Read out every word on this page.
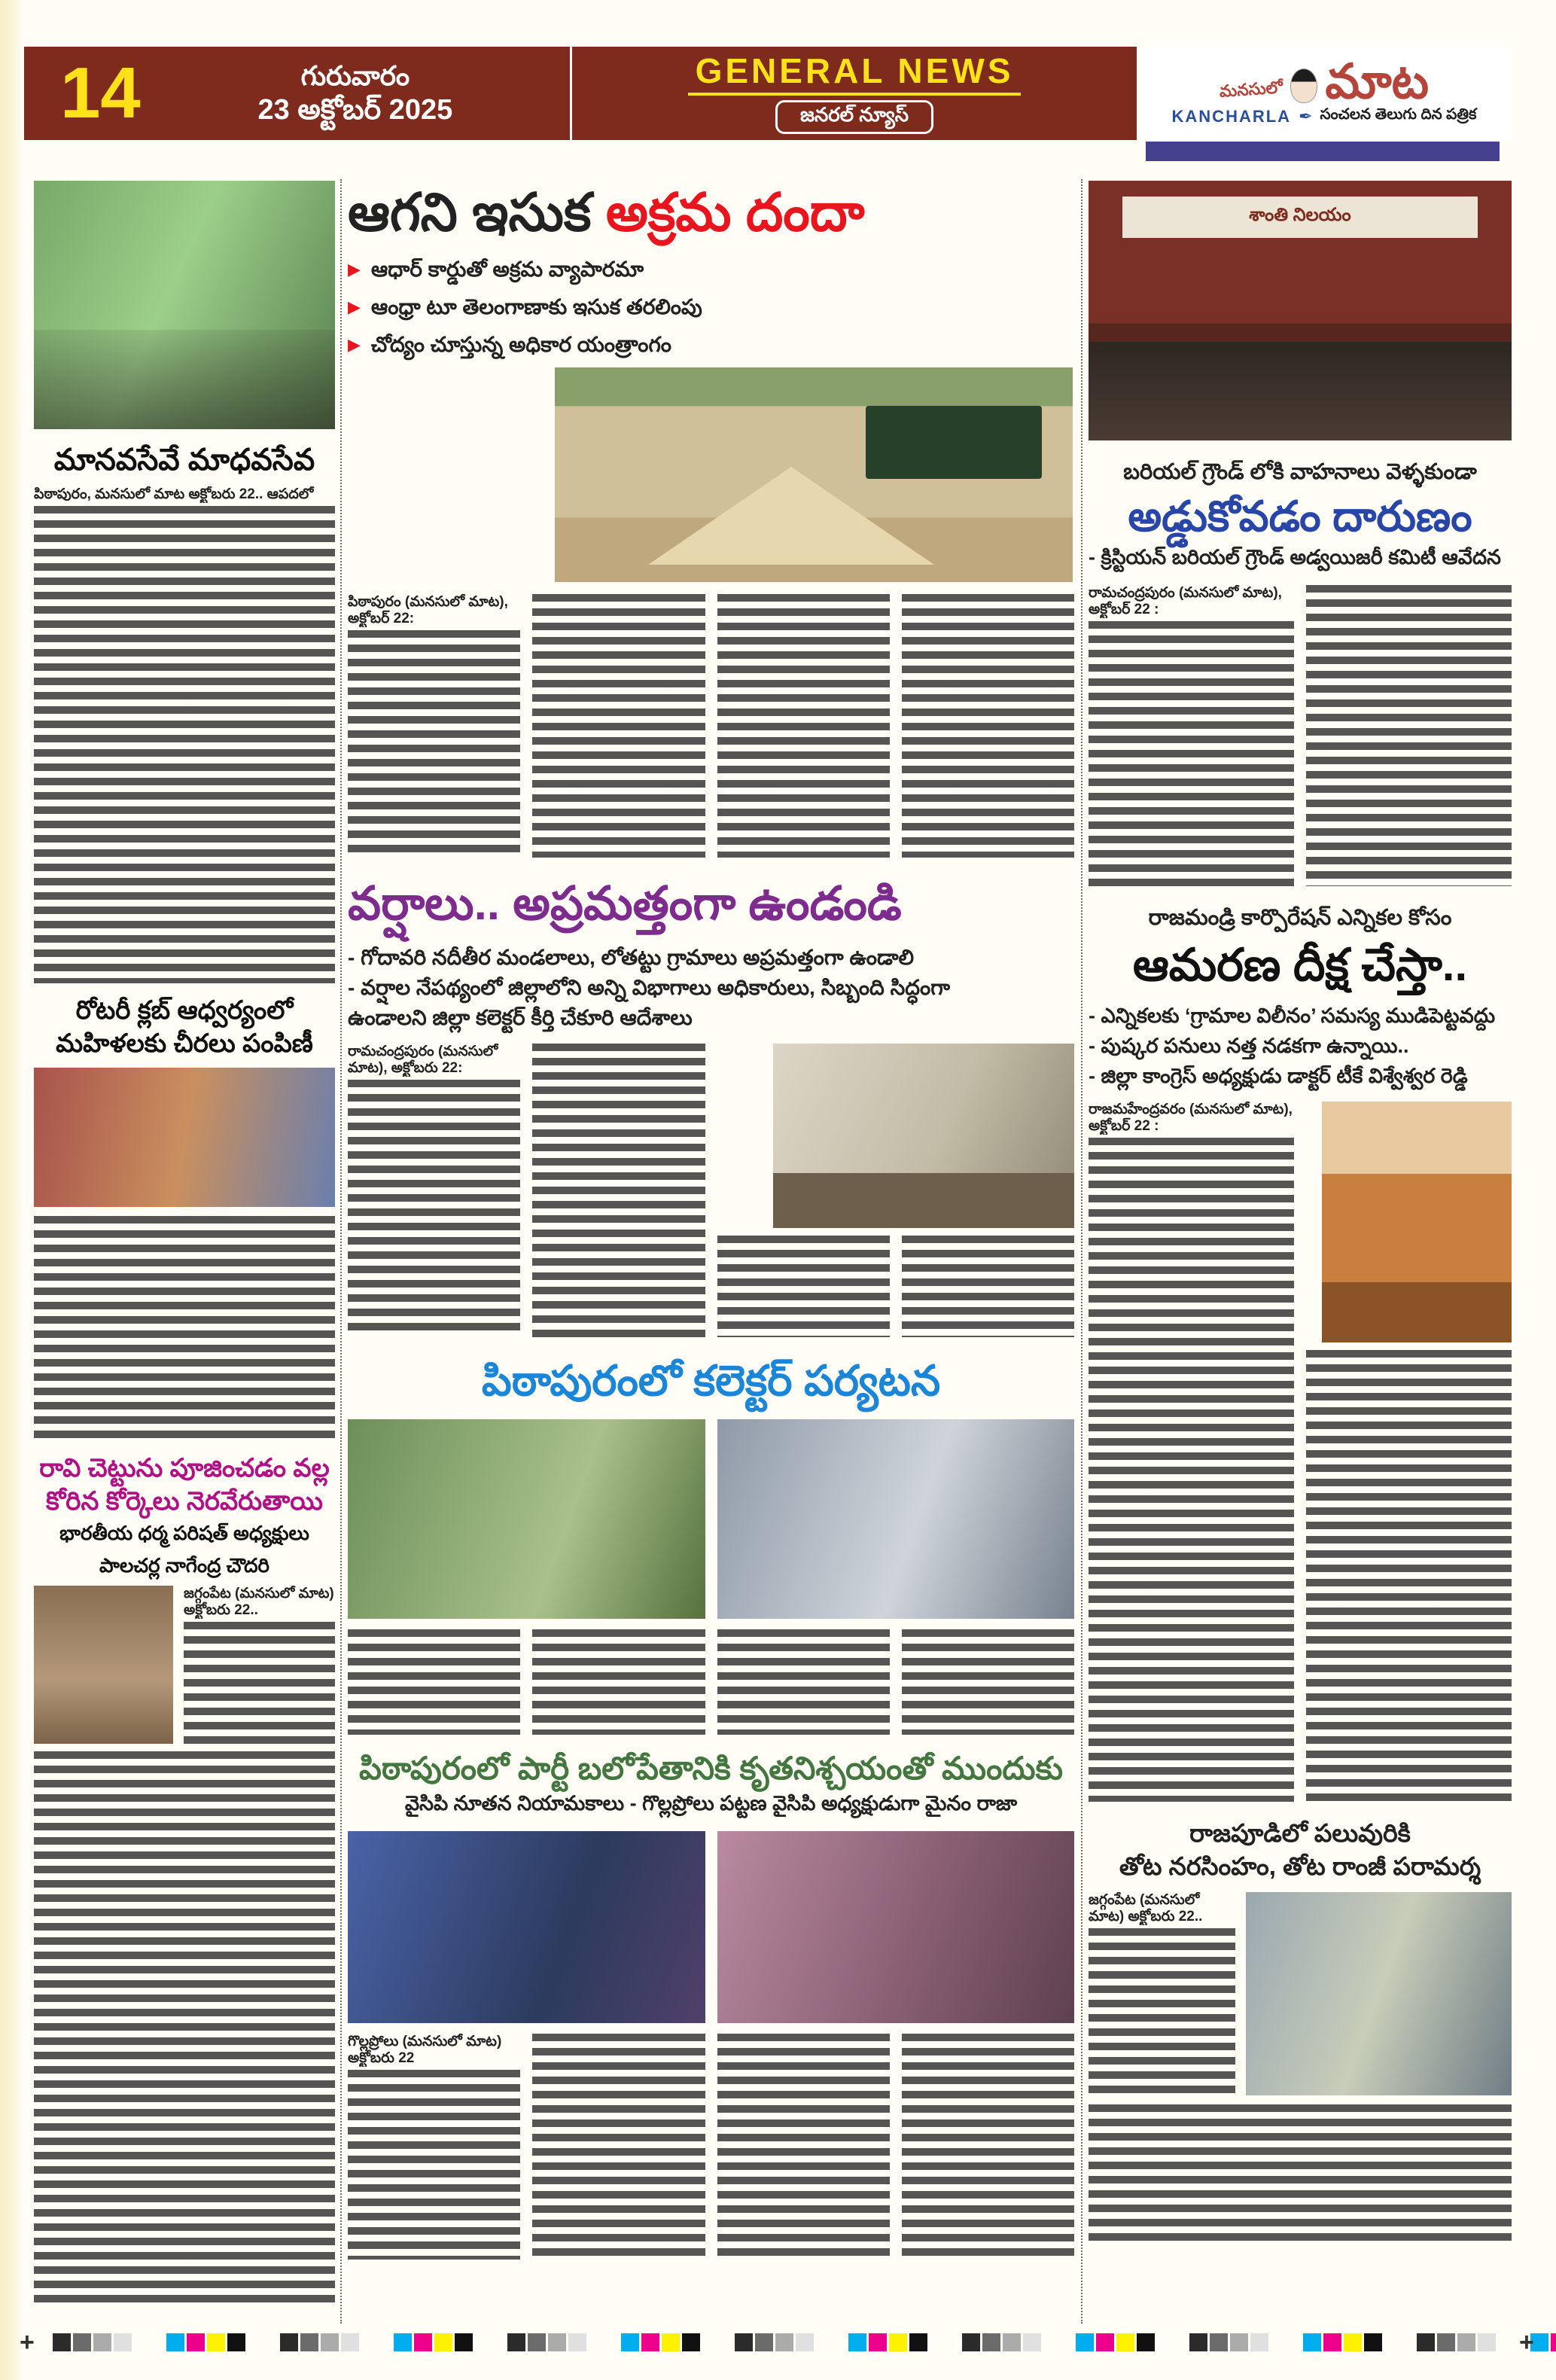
14	గురువారం
23 అక్టోబర్ 2025
GENERAL NEWS
జనరల్ న్యూస్
మనసులో మాట
KANCHARLA ✒ సంచలన తెలుగు దిన పత్రిక
మానవసేవే మాధవసేవ

పిఠాపురం, మనసులో మాట అక్టోబరు 22.. ఆపదలో

రోటరీ క్లబ్ ఆధ్వర్యంలో మహిళలకు చీరలు పంపిణీ
రావి చెట్టును పూజించడం వల్ల కోరిన కోర్కెలు నెరవేరుతాయి
భారతీయ ధర్మ పరిషత్ అధ్యక్షులు
పాలచర్ల నాగేంద్ర చౌదరి

జగ్గంపేట (మనసులో మాట) అక్టోబరు 22..

ఆగని ఇసుక అక్రమ దందా
▶ ఆధార్ కార్డుతో అక్రమ వ్యాపారమా
▶ ఆంధ్రా టూ తెలంగాణాకు ఇసుక తరలింపు
▶ చోద్యం చూస్తున్న అధికార యంత్రాంగం

పిఠాపురం (మనసులో మాట), అక్టోబర్ 22:

వర్షాలు.. అప్రమత్తంగా ఉండండి

- గోదావరి నదీతీర మండలాలు, లోతట్టు గ్రామాలు అప్రమత్తంగా ఉండాలి

- వర్షాల నేపథ్యంలో జిల్లాలోని అన్ని విభాగాలు అధికారులు, సిబ్బంది సిద్ధంగా

ఉండాలని జిల్లా కలెక్టర్ కీర్తి చేకూరి ఆదేశాలు

రామచంద్రపురం (మనసులో మాట), అక్టోబరు 22:

పిఠాపురంలో కలెక్టర్ పర్యటన
పిఠాపురంలో పార్టీ బలోపేతానికి కృతనిశ్చయంతో ముందుకు
వైసిపి నూతన నియామకాలు - గొల్లప్రోలు పట్టణ వైసిపి అధ్యక్షుడుగా మైనం రాజా

గొల్లప్రోలు (మనసులో మాట) అక్టోబరు 22

శాంతి నిలయం
బరియల్ గ్రౌండ్ లోకి వాహనాలు వెళ్ళకుండా
అడ్డుకోవడం దారుణం
- క్రిస్టియన్ బరియల్ గ్రౌండ్ అడ్వయిజరీ కమిటీ ఆవేదన

రామచంద్రపురం (మనసులో మాట), అక్టోబర్ 22 :

రాజమండ్రి కార్పొరేషన్ ఎన్నికల కోసం
ఆమరణ దీక్ష చేస్తా..

- ఎన్నికలకు ‘గ్రామాల విలీనం’ సమస్య ముడిపెట్టవద్దు

- పుష్కర పనులు నత్త నడకగా ఉన్నాయి..

- జిల్లా కాంగ్రెస్ అధ్యక్షుడు డాక్టర్ టీకే విశ్వేశ్వర రెడ్డి

రాజమహేంద్రవరం (మనసులో మాట), అక్టోబర్ 22 :

రాజపూడిలో పలువురికి
తోట నరసింహం, తోట రాంజీ పరామర్శ

జగ్గంపేట (మనసులో మాట) అక్టోబరు 22..

+	+
